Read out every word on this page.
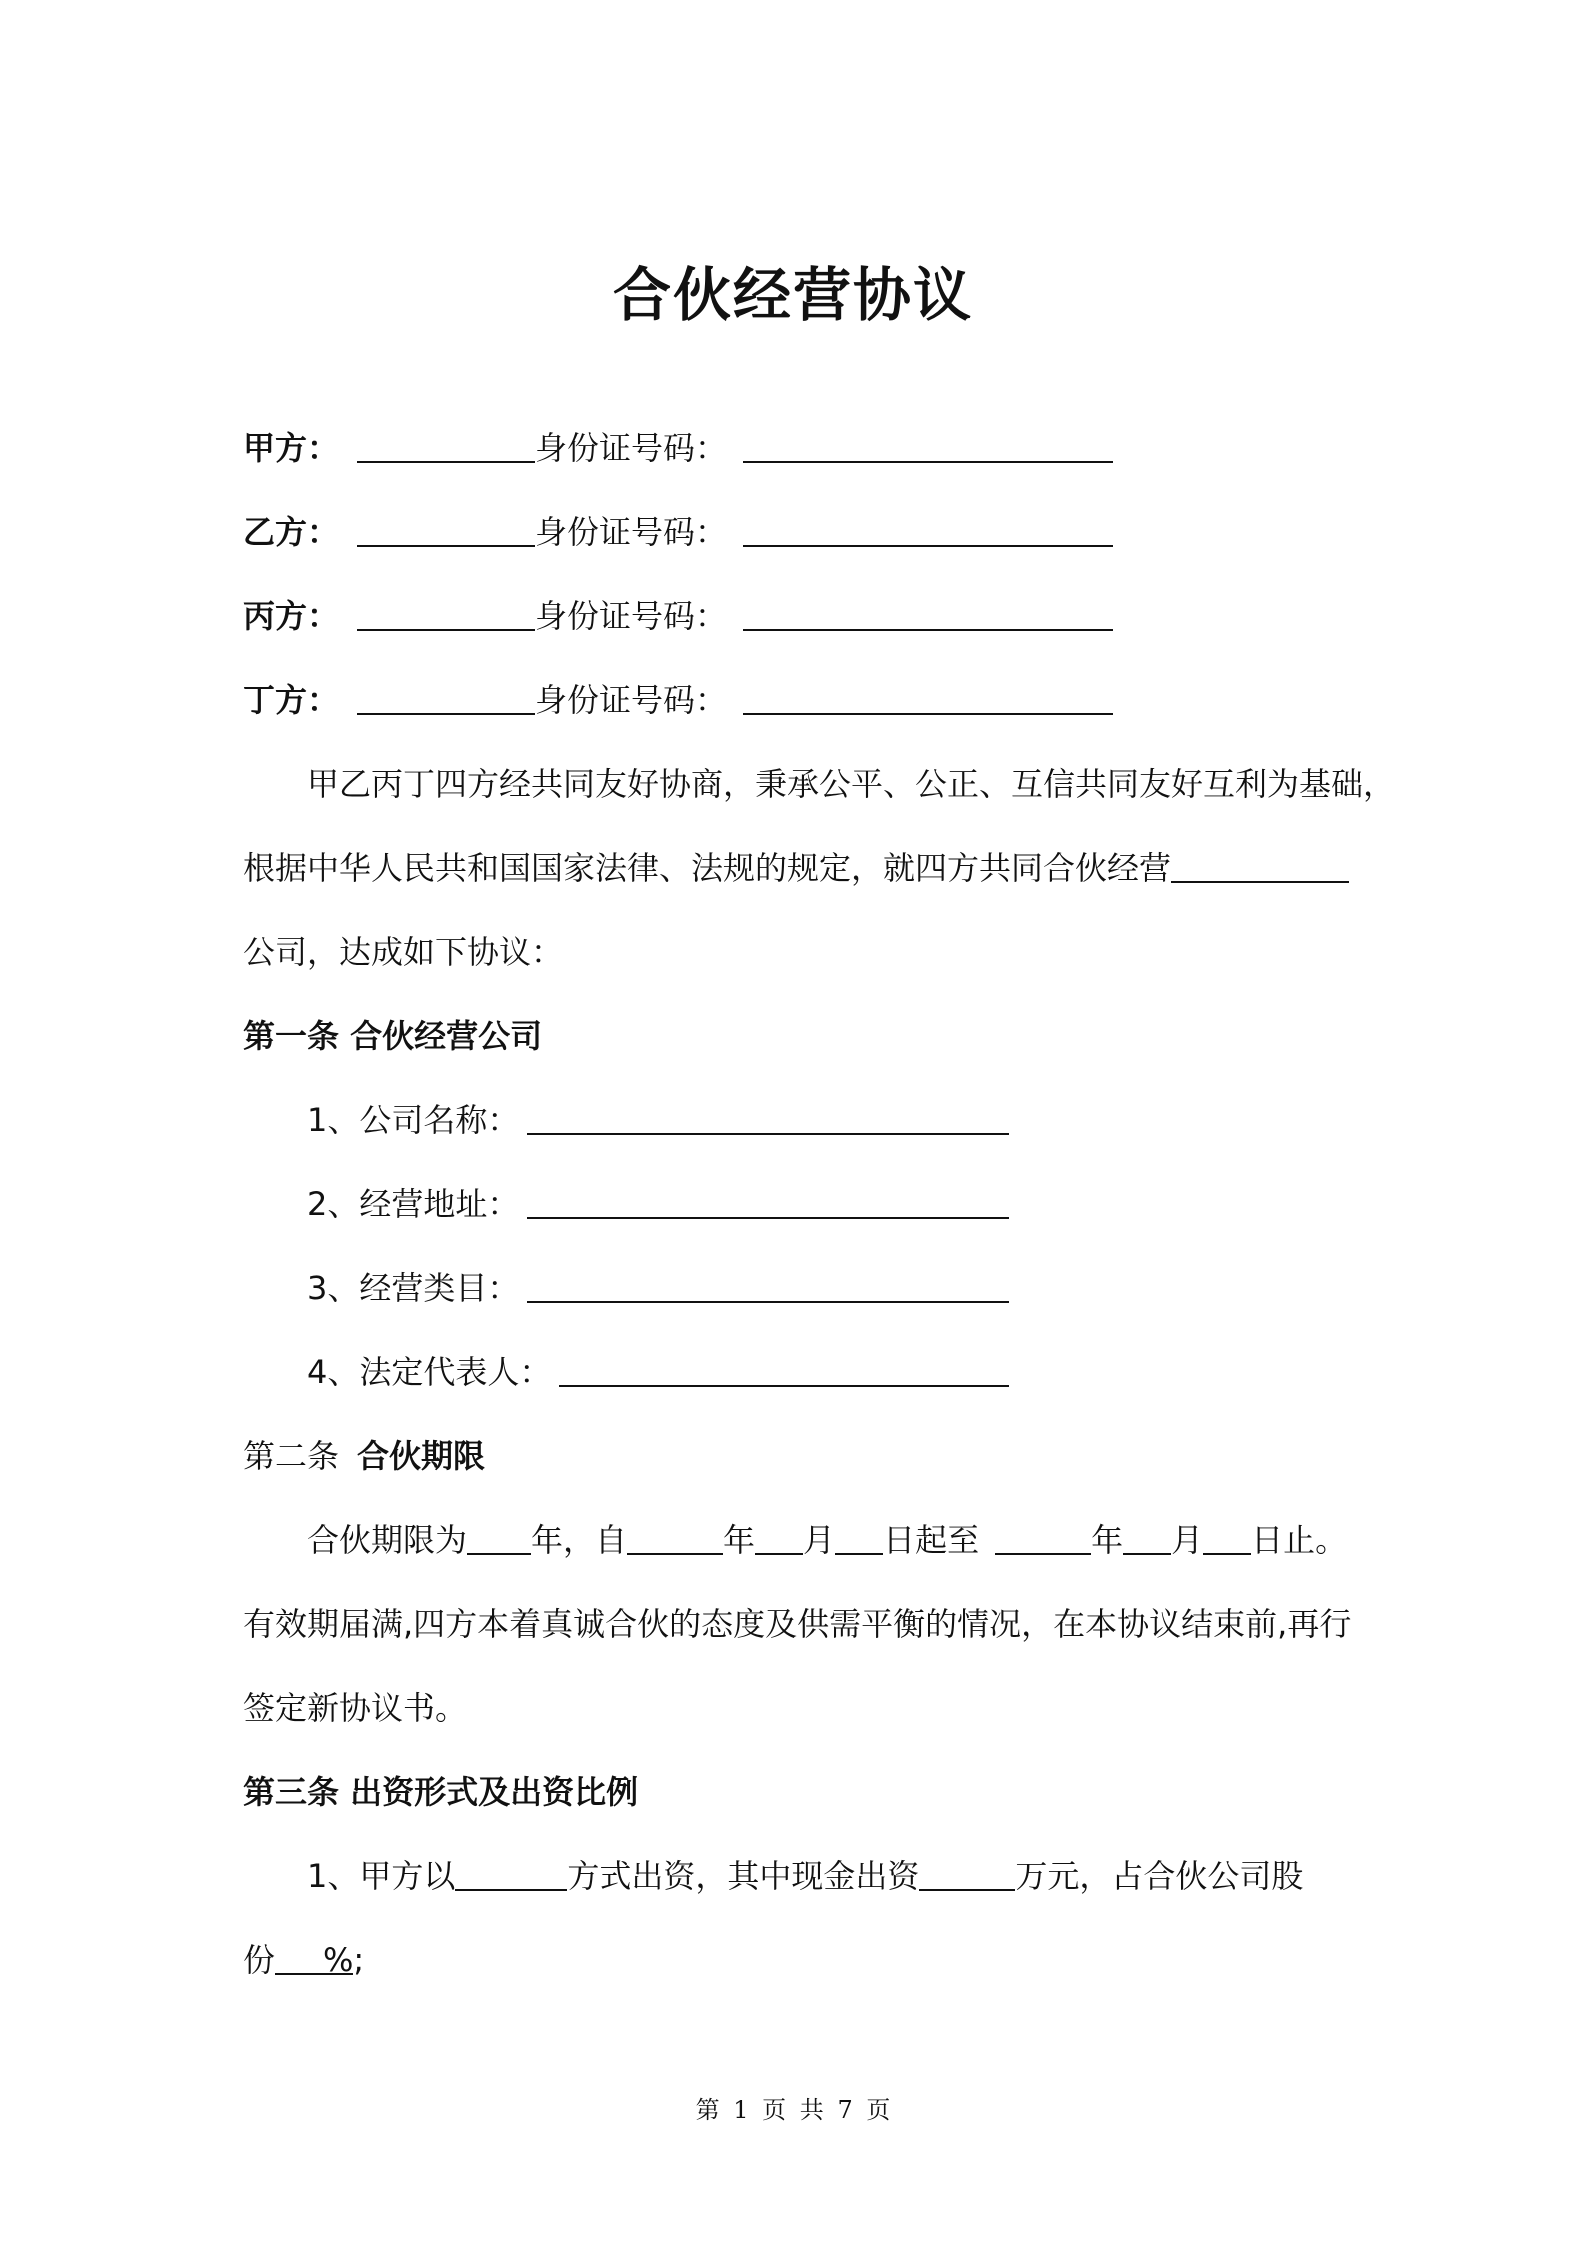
合伙经营协议
甲方：	身份证号码：
乙方：	身份证号码：
丙方：	身份证号码：
丁方：	身份证号码：
甲乙丙丁四方经共同友好协商，秉承公平、公正、互信共同友好互利为基础，
根据中华人民共和国国家法律、法规的规定，就四方共同合伙经营
公司，达成如下协议：
第一条 合伙经营公司
1、公司名称：
2、经营地址：
3、经营类目：
4、法定代表人：
第二条 合伙期限
合伙期限为 年，自	年 月 日起至	年 月 日止。
有效期届满,四方本着真诚合伙的态度及供需平衡的情况，在本协议结束前,再行
签定新协议书。
第三条 出资形式及出资比例
1、甲方以	方式出资，其中现金出资	万元，占合伙公司股
份 %;
第 1 页 共 7 页
